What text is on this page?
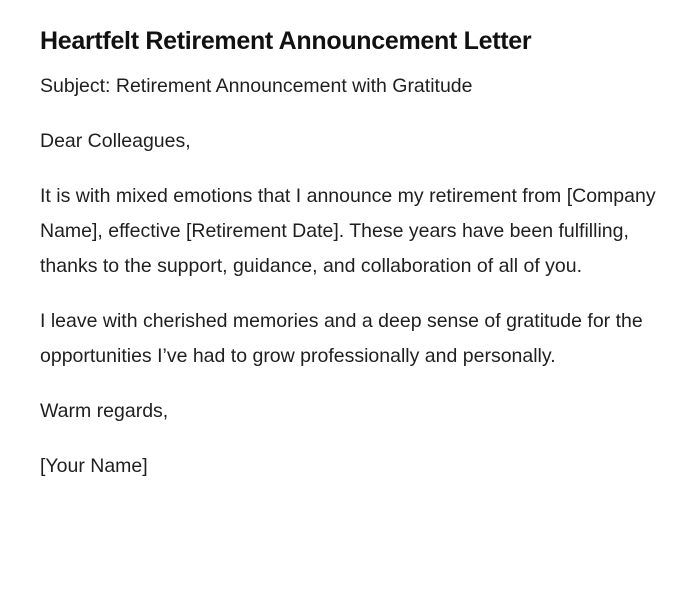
Heartfelt Retirement Announcement Letter

Subject: Retirement Announcement with Gratitude

Dear Colleagues,

It is with mixed emotions that I announce my retirement from [Company Name], effective [Retirement Date]. These years have been fulfilling, thanks to the support, guidance, and collaboration of all of you.

I leave with cherished memories and a deep sense of gratitude for the opportunities I’ve had to grow professionally and personally.

Warm regards,

[Your Name]
